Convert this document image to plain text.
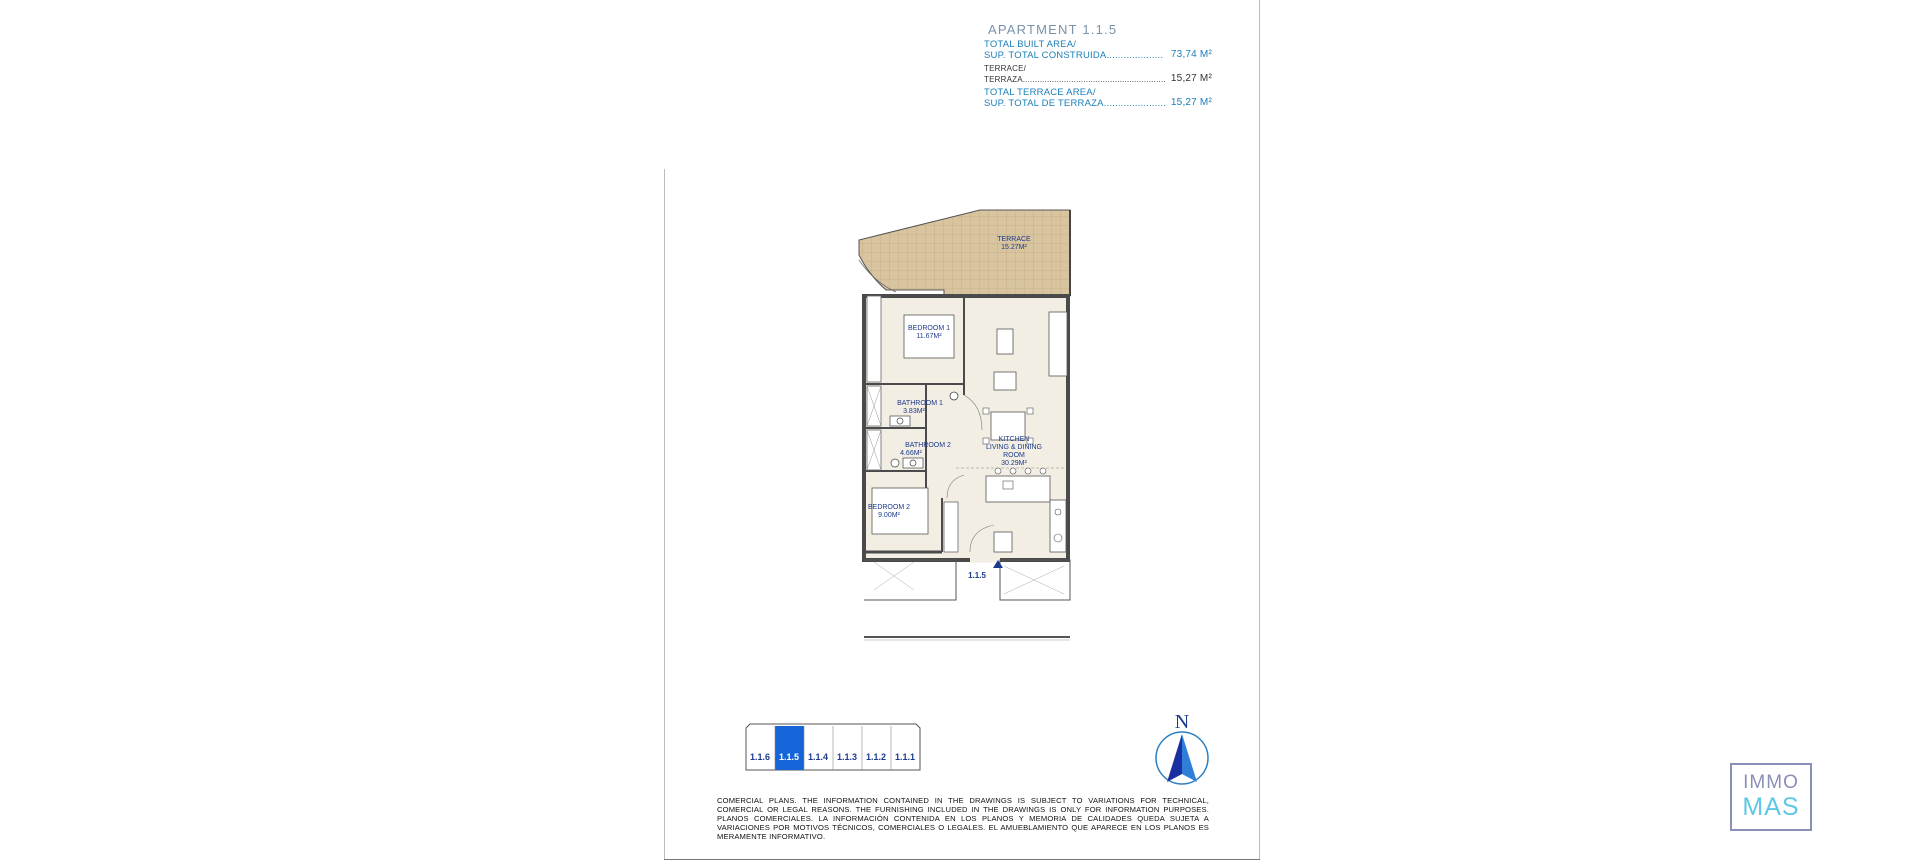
APARTMENT 1.1.5
TOTAL BUILT AREA/
SUP. TOTAL CONSTRUIDA.................... 73,74 M²
TERRACE/
TERRAZA........................................................... 15,27 M²
TOTAL TERRACE AREA/
SUP. TOTAL DE TERRAZA...................... 15,27 M²
TERRACE
15.27M²
BEDROOM 1
11.67M²
BATHROOM 1
3.83M²
BATHROOM 2
4.66M²
KITCHEN
LIVING & DINING
ROOM
30.29M²
BEDROOM 2
9.00M²
1.1.5
1.1.6 1.1.5 1.1.4 1.1.3 1.1.2 1.1.1
N
COMERCIAL PLANS. THE INFORMATION CONTAINED IN THE DRAWINGS IS SUBJECT TO VARIATIONS FOR TECHNICAL, COMERCIAL OR LEGAL REASONS. THE FURNISHING INCLUDED IN THE DRAWINGS IS ONLY FOR INFORMATION PURPOSES. PLANOS COMERCIALES. LA INFORMACIÓN CONTENIDA EN LOS PLANOS Y MEMORIA DE CALIDADES QUEDA SUJETA A VARIACIONES POR MOTIVOS TÉCNICOS, COMERCIALES O LEGALES. EL AMUEBLAMIENTO QUE APARECE EN LOS PLANOS ES MERAMENTE INFORMATIVO.
IMMO
MAS
